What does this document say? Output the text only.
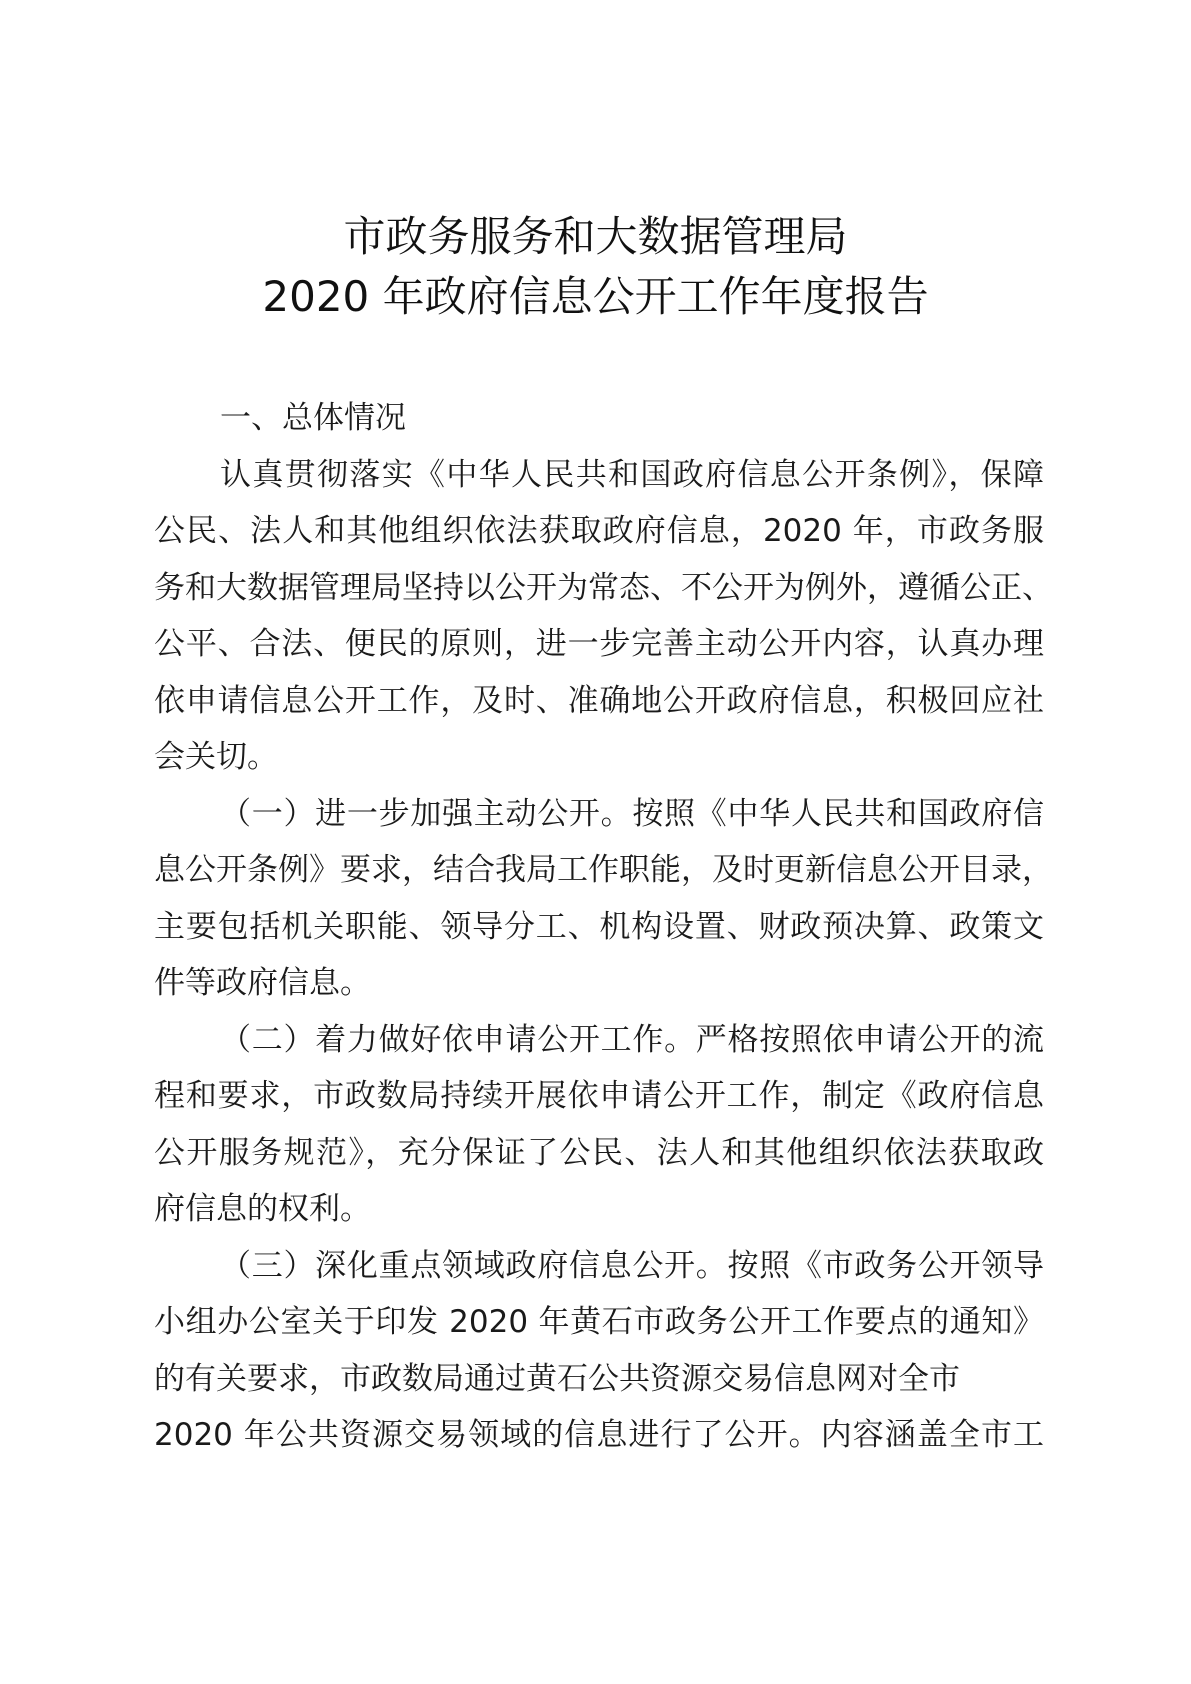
市政务服务和大数据管理局
2020 年政府信息公开工作年度报告
一、总体情况
认真贯彻落实《中华人民共和国政府信息公开条例》，保障
公民、法人和其他组织依法获取政府信息，2020 年，市政务服
务和大数据管理局坚持以公开为常态、不公开为例外，遵循公正、
公平、合法、便民的原则，进一步完善主动公开内容，认真办理
依申请信息公开工作，及时、准确地公开政府信息，积极回应社
会关切。
（一）进一步加强主动公开。按照《中华人民共和国政府信
息公开条例》要求，结合我局工作职能，及时更新信息公开目录，
主要包括机关职能、领导分工、机构设置、财政预决算、政策文
件等政府信息。
（二）着力做好依申请公开工作。严格按照依申请公开的流
程和要求，市政数局持续开展依申请公开工作，制定《政府信息
公开服务规范》，充分保证了公民、法人和其他组织依法获取政
府信息的权利。
（三）深化重点领域政府信息公开。按照《市政务公开领导
小组办公室关于印发 2020 年黄石市政务公开工作要点的通知》
的有关要求，市政数局通过黄石公共资源交易信息网对全市
2020 年公共资源交易领域的信息进行了公开。内容涵盖全市工
